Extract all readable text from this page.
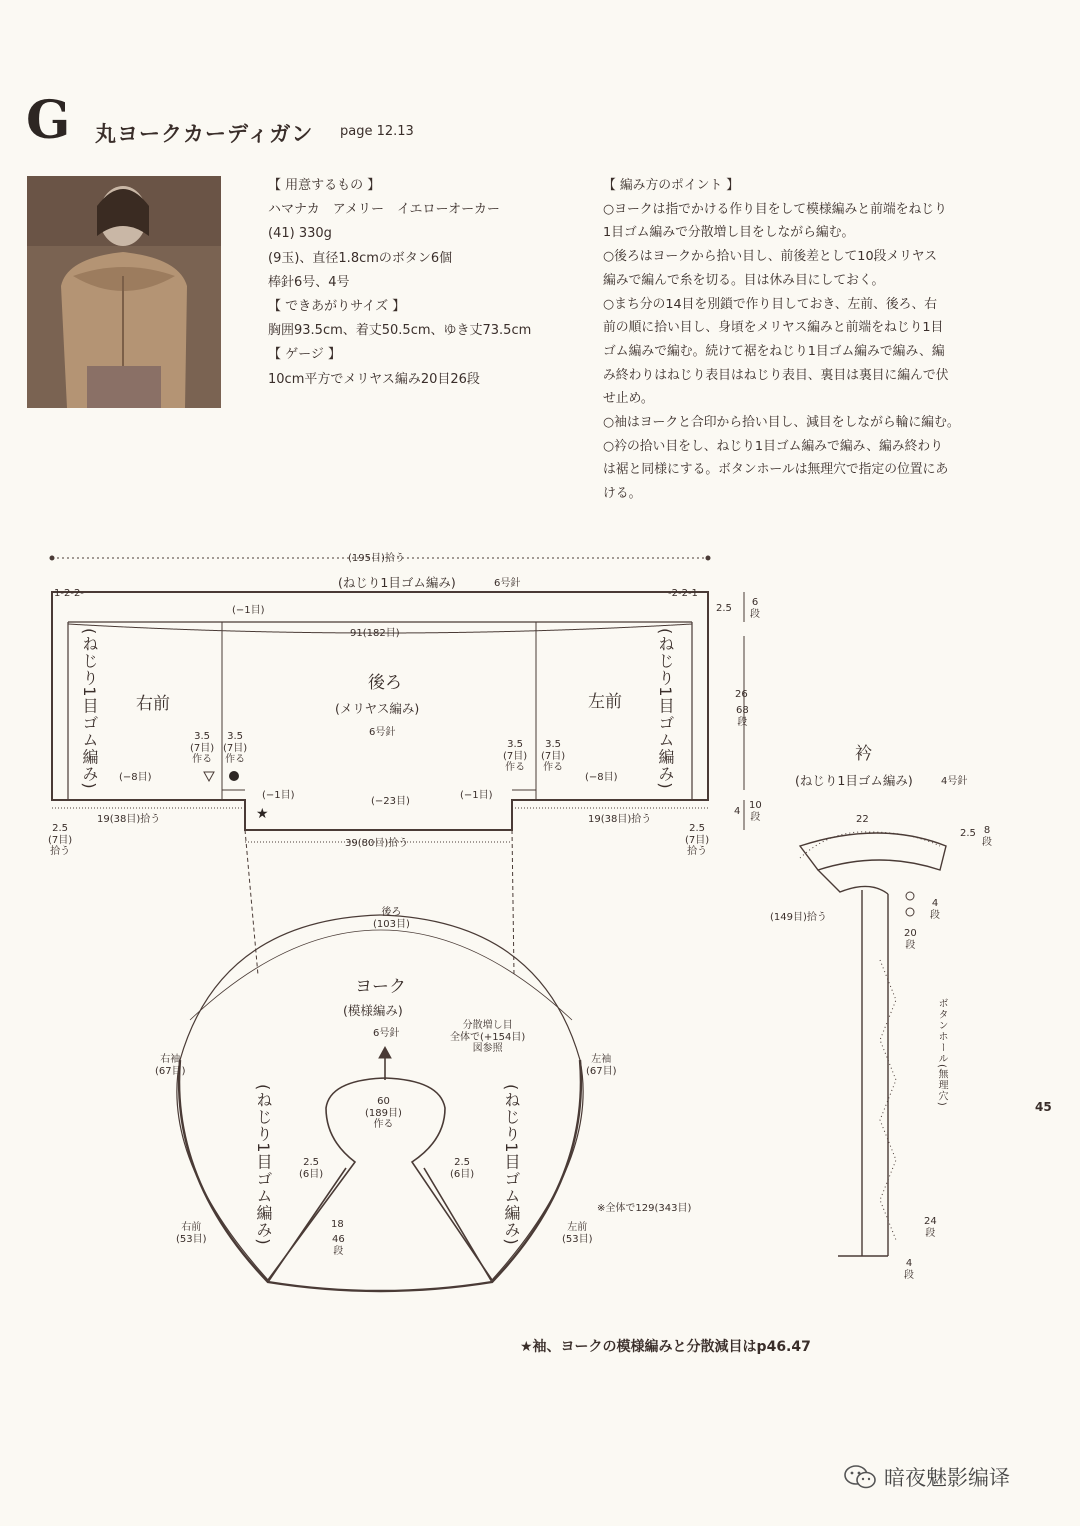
G 丸ヨークカーディガン page 12.13
【 用意するもの 】
ハマナカ　アメリー　イエローオーカー
(41) 330g
(9玉)、直径1.8cmのボタン6個
棒針6号、4号
【 できあがりサイズ 】
胸囲93.5cm、着丈50.5cm、ゆき丈73.5cm
【 ゲージ 】
10cm平方でメリヤス編み20目26段
【 編み方のポイント 】
○ヨークは指でかける作り目をして模様編みと前端をねじり
1目ゴム編みで分散増し目をしながら編む。
○後ろはヨークから拾い目し、前後差として10段メリヤス
編みで編んで糸を切る。目は休み目にしておく。
○まち分の14目を別鎖で作り目しておき、左前、後ろ、右
前の順に拾い目し、身頃をメリヤス編みと前端をねじり1目
ゴム編みで編む。続けて裾をねじり1目ゴム編みで編み、編
み終わりはねじり表目はねじり表目、裏目は裏目に編んで伏
せ止め。
○袖はヨークと合印から拾い目し、減目をしながら輪に編む。
○衿の拾い目をし、ねじり1目ゴム編みで編み、編み終わり
は裾と同様にする。ボタンホールは無理穴で指定の位置にあ
ける。
★
(195目)拾う
(ねじり1目ゴム編み)	6号針
1-2-2-	-2-2-1
(−1目)
91(182目)
右前	左前
後ろ
(メリヤス編み)
6号針
(ねじり1目ゴム編み)	(ねじり1目ゴム編み)
3.5
(7目)
作る
3.5
(7目)
作る
3.5
(7目)
作る
3.5
(7目)
作る
(−8目)	(−8目)
(−1目)	(−1目)
(−23目)
19(38目)拾う	19(38目)拾う
39(80目)拾う
2.5
(7目)
拾う
2.5
(7目)
拾う
2.5
6
段
26
68
段
4
10
段
衿
(ねじり1目ゴム編み)	4号針
22
2.5 8
段
(149目)拾う
4
段
20
段
24
段
4
段
ボタンホール(無理穴)
後ろ
(103目)
ヨーク
(模様編み)
6号針
分散増し目
全体で(+154目)
図参照
右袖
(67目)
左袖
(67目)
右前
(53目)
左前
(53目)
60
(189目)
作る
(ねじり1目ゴム編み)	(ねじり1目ゴム編み)
2.5
(6目)
2.5
(6目)
18
46
段
※全体で129(343目)
★袖、ヨークの模様編みと分散減目はp46.47
45
暗夜魅影编译
